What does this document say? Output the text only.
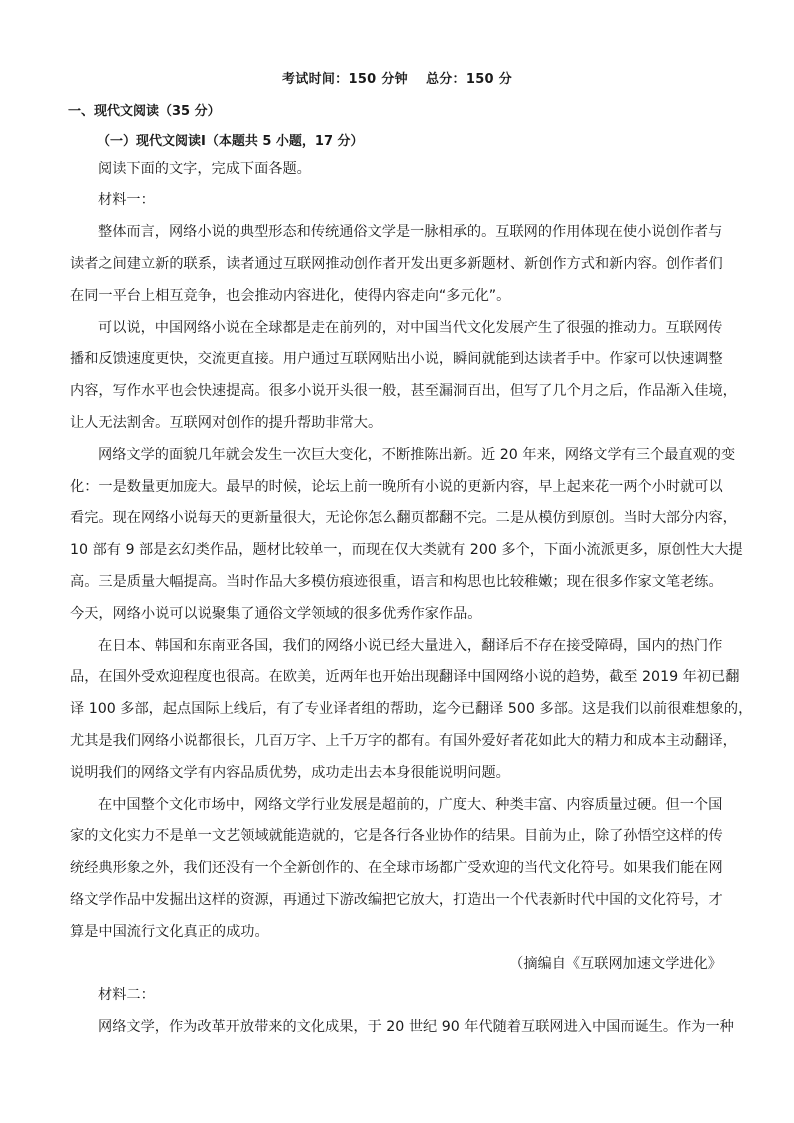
考试时间：150 分钟 总分：150 分
一、现代文阅读（35 分）
（一）现代文阅读Ⅰ（本题共 5 小题，17 分）
阅读下面的文字，完成下面各题。
材料一：
整体而言，网络小说的典型形态和传统通俗文学是一脉相承的。互联网的作用体现在使小说创作者与
读者之间建立新的联系，读者通过互联网推动创作者开发出更多新题材、新创作方式和新内容。创作者们
在同一平台上相互竞争，也会推动内容进化，使得内容走向“多元化”。
可以说，中国网络小说在全球都是走在前列的，对中国当代文化发展产生了很强的推动力。互联网传
播和反馈速度更快，交流更直接。用户通过互联网贴出小说，瞬间就能到达读者手中。作家可以快速调整
内容，写作水平也会快速提高。很多小说开头很一般，甚至漏洞百出，但写了几个月之后，作品渐入佳境，
让人无法割舍。互联网对创作的提升帮助非常大。
网络文学的面貌几年就会发生一次巨大变化，不断推陈出新。近 20 年来，网络文学有三个最直观的变
化：一是数量更加庞大。最早的时候，论坛上前一晚所有小说的更新内容，早上起来花一两个小时就可以
看完。现在网络小说每天的更新量很大，无论你怎么翻页都翻不完。二是从模仿到原创。当时大部分内容，
10 部有 9 部是玄幻类作品，题材比较单一，而现在仅大类就有 200 多个，下面小流派更多，原创性大大提
高。三是质量大幅提高。当时作品大多模仿痕迹很重，语言和构思也比较稚嫩；现在很多作家文笔老练。
今天，网络小说可以说聚集了通俗文学领域的很多优秀作家作品。
在日本、韩国和东南亚各国，我们的网络小说已经大量进入，翻译后不存在接受障碍，国内的热门作
品，在国外受欢迎程度也很高。在欧美，近两年也开始出现翻译中国网络小说的趋势，截至 2019 年初已翻
译 100 多部，起点国际上线后，有了专业译者组的帮助，迄今已翻译 500 多部。这是我们以前很难想象的，
尤其是我们网络小说都很长，几百万字、上千万字的都有。有国外爱好者花如此大的精力和成本主动翻译，
说明我们的网络文学有内容品质优势，成功走出去本身很能说明问题。
在中国整个文化市场中，网络文学行业发展是超前的，广度大、种类丰富、内容质量过硬。但一个国
家的文化实力不是单一文艺领域就能造就的，它是各行各业协作的结果。目前为止，除了孙悟空这样的传
统经典形象之外，我们还没有一个全新创作的、在全球市场都广受欢迎的当代文化符号。如果我们能在网
络文学作品中发掘出这样的资源，再通过下游改编把它放大，打造出一个代表新时代中国的文化符号，才
算是中国流行文化真正的成功。
（摘编自《互联网加速文学进化》
材料二：
网络文学，作为改革开放带来的文化成果，于 20 世纪 90 年代随着互联网进入中国而诞生。作为一种
